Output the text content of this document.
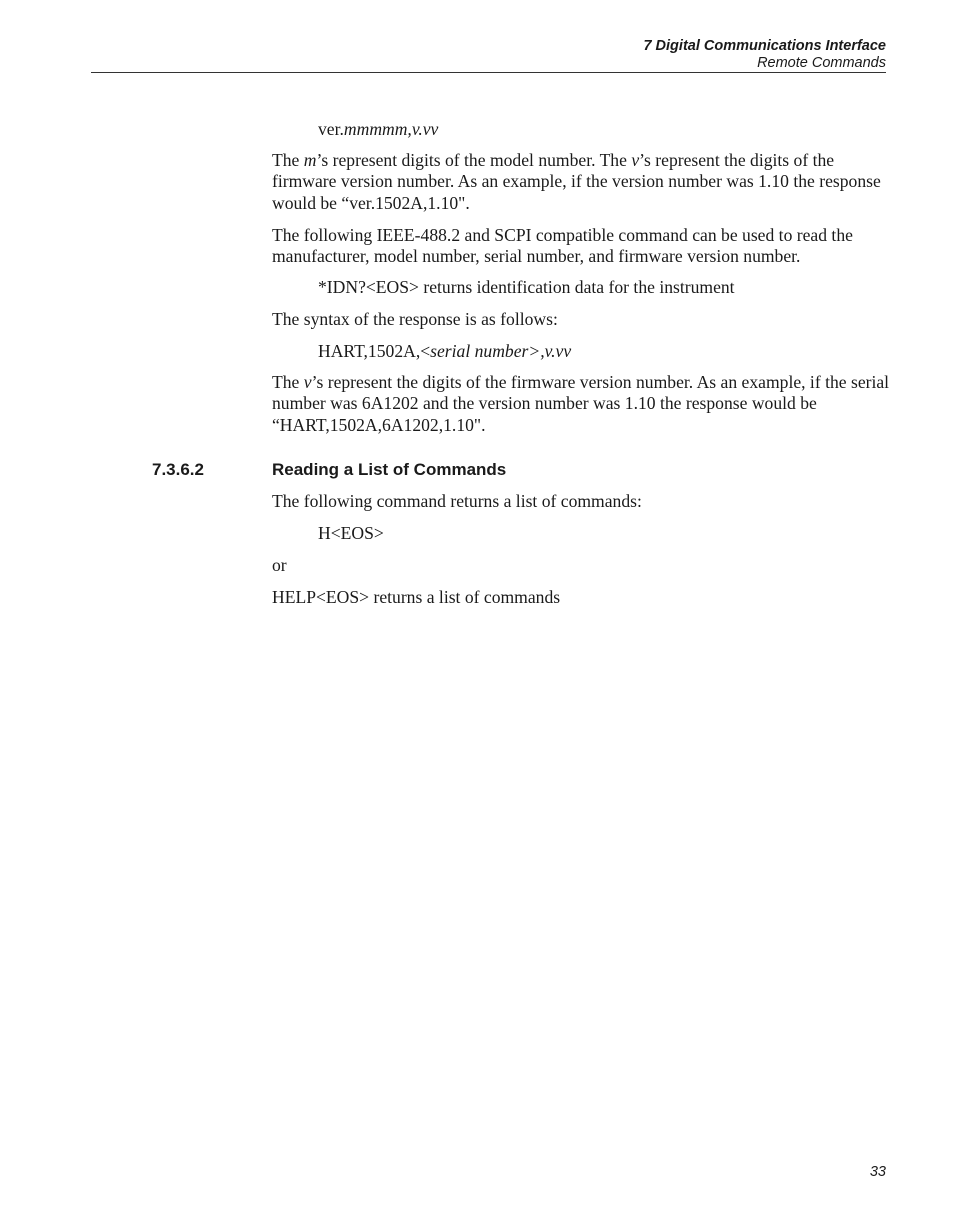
7 Digital Communications Interface
Remote Commands

ver.mmmmm,v.vv

The m’s represent digits of the model number. The v’s represent the digits of the firmware version number. As an example, if the version number was 1.10 the response would be “ver.1502A,1.10".

The following IEEE-488.2 and SCPI compatible command can be used to read the manufacturer, model number, serial number, and firmware version number.

*IDN?<EOS> returns identification data for the instrument

The syntax of the response is as follows:

HART,1502A,<serial number>,v.vv

The v’s represent the digits of the firmware version number. As an example, if the serial number was 6A1202 and the version number was 1.10 the response would be “HART,1502A,6A1202,1.10".

7.3.6.2	Reading a List of Commands

The following command returns a list of commands:

H<EOS>

or

HELP<EOS> returns a list of commands

33
